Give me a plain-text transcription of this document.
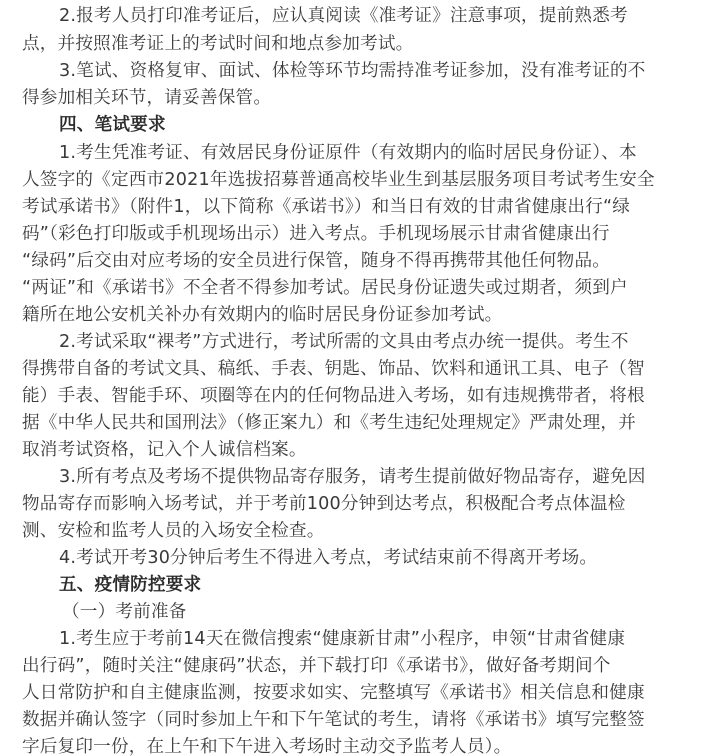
2.报考人员打印准考证后，应认真阅读《准考证》注意事项，提前熟悉考
点，并按照准考证上的考试时间和地点参加考试。
3.笔试、资格复审、面试、体检等环节均需持准考证参加，没有准考证的不
得参加相关环节，请妥善保管。
四、笔试要求
1.考生凭准考证、有效居民身份证原件（有效期内的临时居民身份证）、本
人签字的《定西市2021年选拔招募普通高校毕业生到基层服务项目考试考生安全
考试承诺书》（附件1，以下简称《承诺书》）和当日有效的甘肃省健康出行“绿
码”（彩色打印版或手机现场出示）进入考点。手机现场展示甘肃省健康出行
“绿码”后交由对应考场的安全员进行保管，随身不得再携带其他任何物品。
“两证”和《承诺书》不全者不得参加考试。居民身份证遗失或过期者，须到户
籍所在地公安机关补办有效期内的临时居民身份证参加考试。
2.考试采取“裸考”方式进行，考试所需的文具由考点办统一提供。考生不
得携带自备的考试文具、稿纸、手表、钥匙、饰品、饮料和通讯工具、电子（智
能）手表、智能手环、项圈等在内的任何物品进入考场，如有违规携带者，将根
据《中华人民共和国刑法》（修正案九）和《考生违纪处理规定》严肃处理，并
取消考试资格，记入个人诚信档案。
3.所有考点及考场不提供物品寄存服务，请考生提前做好物品寄存，避免因
物品寄存而影响入场考试，并于考前100分钟到达考点，积极配合考点体温检
测、安检和监考人员的入场安全检查。
4.考试开考30分钟后考生不得进入考点，考试结束前不得离开考场。
五、疫情防控要求
（一）考前准备
1.考生应于考前14天在微信搜索“健康新甘肃”小程序，申领“甘肃省健康
出行码”，随时关注“健康码”状态，并下载打印《承诺书》，做好备考期间个
人日常防护和自主健康监测，按要求如实、完整填写《承诺书》相关信息和健康
数据并确认签字（同时参加上午和下午笔试的考生，请将《承诺书》填写完整签
字后复印一份，在上午和下午进入考场时主动交予监考人员）。
